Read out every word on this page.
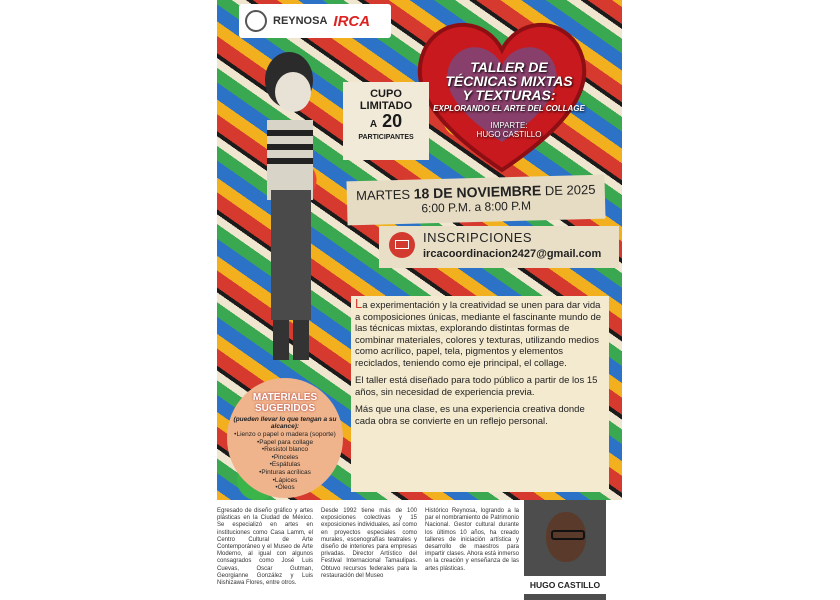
REYNOSA IRCA
TALLER DE
TÉCNICAS MIXTAS
Y TEXTURAS:
EXPLORANDO EL ARTE DEL COLLAGE
IMPARTE:
HUGO CASTILLO
CUPO
LIMITADO
A 20
PARTICIPANTES
MARTES 18 DE NOVIEMBRE DE 2025
6:00 P.M. a 8:00 P.M
INSCRIPCIONES
ircacoordinacion2427@gmail.com

La experimentación y la creatividad se unen para dar vida a composiciones únicas, mediante el fascinante mundo de las técnicas mixtas, explorando distintas formas de combinar materiales, colores y texturas, utilizando medios como acrílico, papel, tela, pigmentos y elementos reciclados, teniendo como eje principal, el collage.

El taller está diseñado para todo público a partir de los 15 años, sin necesidad de experiencia previa.

Más que una clase, es una experiencia creativa donde cada obra se convierte en un reflejo personal.

MATERIALES
SUGERIDOS
(pueden llevar lo que tengan a su alcance):
•Lienzo o papel o madera (soporte)
•Papel para collage
•Resistol blanco
•Pinceles
•Espátulas
•Pinturas acrílicas
•Lápices
•Óleos
Egresado de diseño gráfico y artes plásticas en la Ciudad de México. Se especializó en artes en instituciones como Casa Lamm, el Centro Cultural de Arte Contemporáneo y el Museo de Arte Moderno, al igual con algunos consagrados como José Luis Cuevas, Oscar Gutman, Georgianne González y Luis Nishizawa Flores, entre otros.
Desde 1992 tiene más de 100 exposiciones colectivas y 15 exposiciones individuales, así como en proyectos especiales como murales, escenografías teatrales y diseño de interiores para empresas privadas. Director Artístico del Festival Internacional Tamaulipas. Obtuvo recursos federales para la restauración del Museo
Histórico Reynosa, logrando a la par el nombramiento de Patrimonio Nacional. Gestor cultural durante los últimos 10 años, ha creado talleres de iniciación artística y desarrollo de maestros para impartir clases. Ahora está inmerso en la creación y enseñanza de las artes plásticas.
HUGO CASTILLO
